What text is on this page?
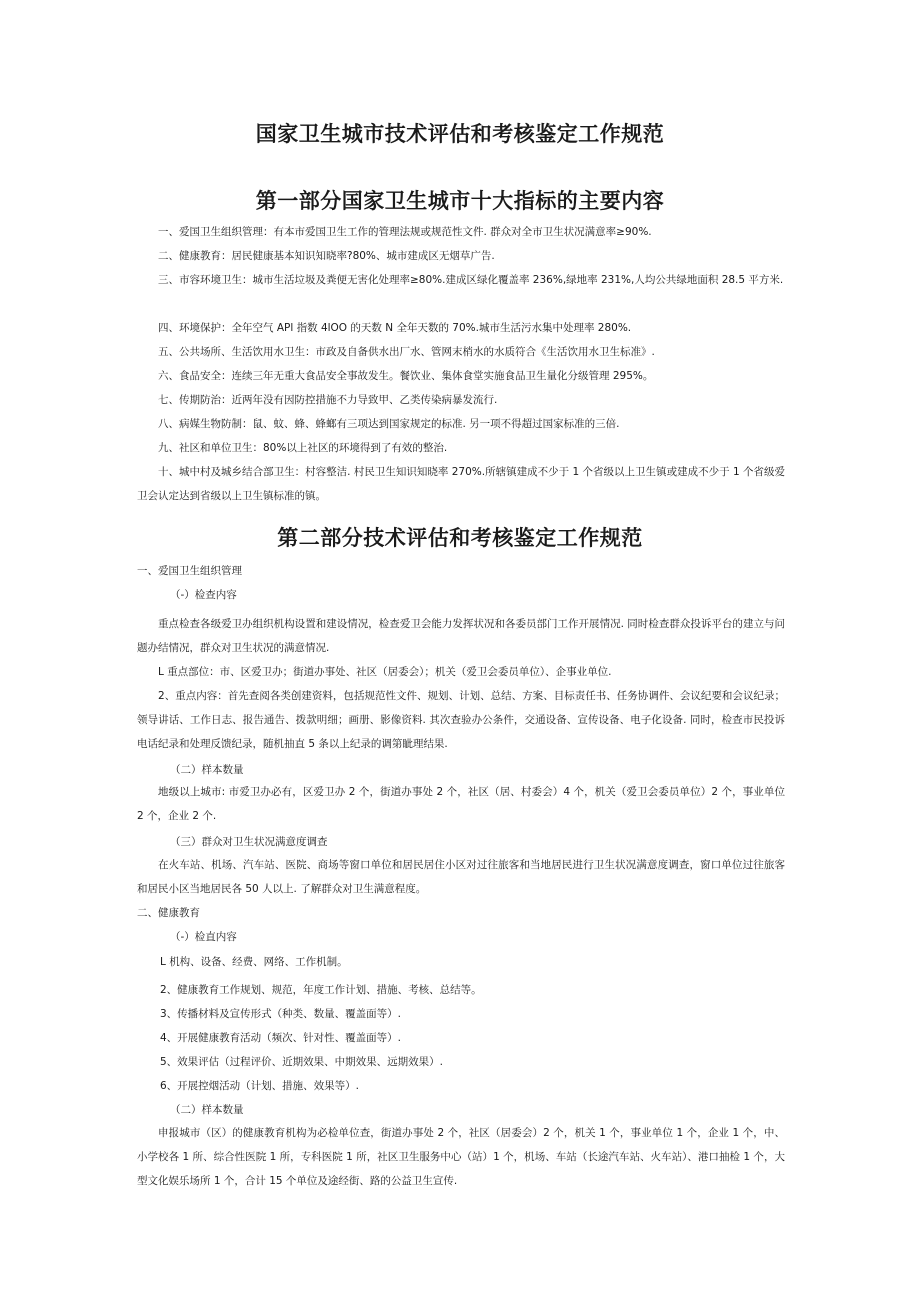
国家卫生城市技术评估和考核鉴定工作规范
第一部分国家卫生城市十大指标的主要内容
一、爱国卫生组织管理：有本市爱国卫生工作的管理法规或规范性文件. 群众对全市卫生状况满意率≥90%.
二、健康教育：居民健康基本知识知晓率?80%、城市建成区无烟草广告.
三、市容环境卫生：城市生活垃圾及粪便无害化处理率≥80%.建成区绿化覆盖率 236%,绿地率 231%,人均公共绿地面积 28.5 平方米.
四、环境保护：全年空气 APl 指数 4lOO 的天数 N 全年天数的 70%.城市生活污水集中处理率 280%.
五、公共场所、生活饮用水卫生：市政及自备供水出厂水、管网末梢水的水质符合《生活饮用水卫生标准》.
六、食品安全：连续三年无重大食品安全事故发生。餐饮业、集体食堂实施食品卫生量化分级管理 295%。
七、传期防治：近两年没有因防控措施不力导致甲、乙类传染病暴发流行.
八、病媒生物防制：鼠、蚊、蜂、蜂螂有三项达到国家规定的标准. 另一项不得超过国家标准的三倍.
九、社区和单位卫生：80%以上社区的环境得到了有效的整治.
十、城中村及城乡结合部卫生：村容整洁. 村民卫生知识知晓率 270%.所辖镇建成不少于 1 个省级以上卫生镇或建成不少于 1 个省级爱卫会认定达到省级以上卫生镇标准的镇。
第二部分技术评估和考核鉴定工作规范
一、爱国卫生组织管理
（-）检查内容
重点检查各级爱卫办组织机构设置和建设情况，检查爱卫会能力发挥状况和各委员部门工作开展情况. 同时检查群众投诉平台的建立与问题办结情况，群众对卫生状况的满意情况.
L 重点部位：市、区爱卫办；街道办事处、社区（居委会）；机关（爱卫会委员单位）、企事业单位.
2、重点内容：首先查阅各类创建资料，包括规范性文件、规划、计划、总结、方案、目标责任书、任务协调件、会议纪要和会议纪录；领导讲话、工作日志、报告通告、拨款明细；画册、影像资料. 其次查验办公条件，交通设备、宣传设备、电子化设备. 同时，检查市民投诉电话纪录和处理反馈纪录，随机抽直 5 条以上纪录的调第眦理结果.
（二）样本数量
地级以上城市: 市爱卫办必有，区爱卫办 2 个，街道办事处 2 个，社区（居、村委会）4 个，机关（爱卫会委员单位）2 个，事业单位 2 个，企业 2 个.
（三）群众对卫生状况满意度调查
在火车站、机场、汽车站、医院、商场等窗口单位和居民居住小区对过往旅客和当地居民进行卫生状况满意度调查，窗口单位过往旅客和居民小区当地居民各 50 人以上. 了解群众对卫生满意程度。
二、健康教育
（-）检直内容
L 机构、设备、经费、网络、工作机制。
2、健康教育工作规划、规范，年度工作计划、措施、考核、总结等。
3、传播材料及宣传形式（种类、数量、覆盖面等）.
4、开展健康教育活动（频次、针对性、覆盖面等）.
5、效果评估（过程评价、近期效果、中期效果、远期效果）.
6、开展控烟活动（计划、措施、效果等）.
（二）样本数量
申报城市（区）的健康教育机构为必检单位查，街道办事处 2 个，社区（居委会）2 个，机关 1 个，事业单位 1 个，企业 1 个，中、小学校各 1 所、综合性医院 1 所，专科医院 1 所，社区卫生服务中心（站）1 个，机场、车站（长途汽车站、火车站）、港口抽检 1 个，大型文化娱乐场所 1 个，合计 15 个单位及途经街、路的公益卫生宣传.
